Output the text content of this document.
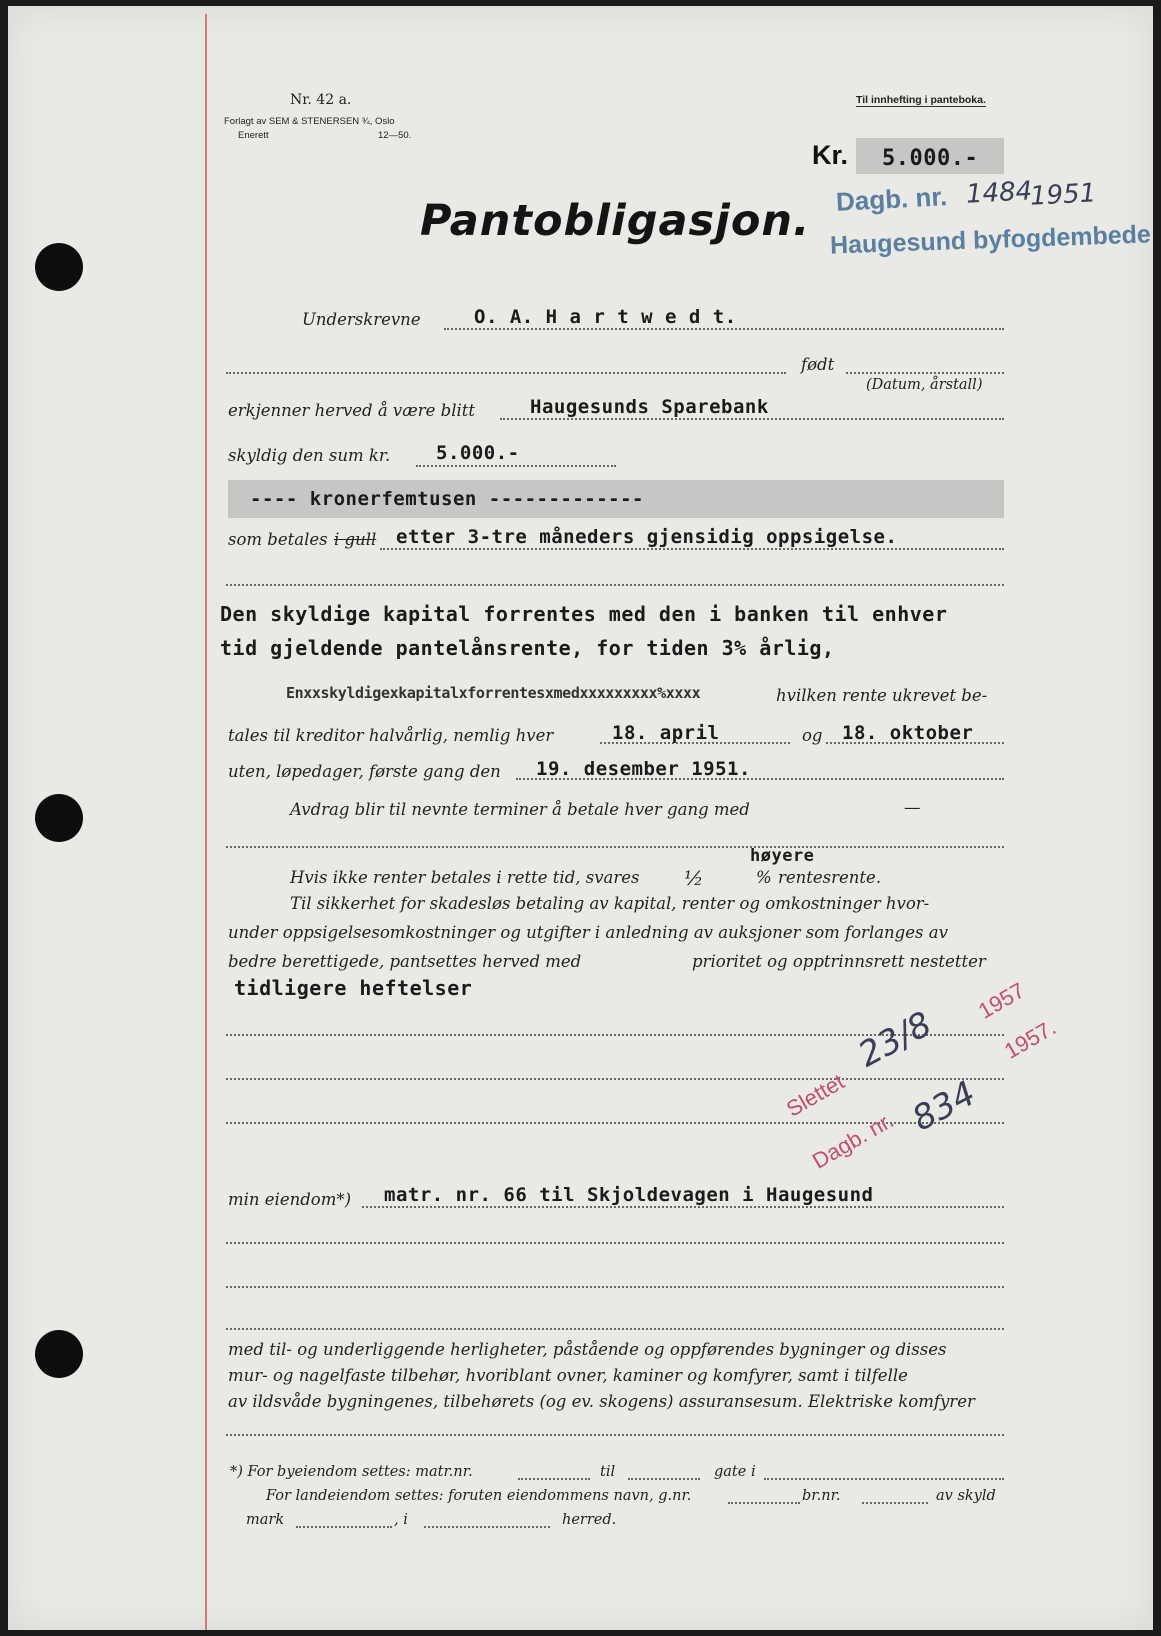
Nr. 42 a.
Forlagt av SEM & STENERSEN ¾, Oslo
Enerett	12—50.
Til innhefting i panteboka.
Kr. 5.000.-
Pantobligasjon. Dagb. nr. 1484
1951
Haugesund byfogdembede
Underskrevne	O. A. H a r t w e d t.
født
(Datum, årstall)
erkjenner herved å være blitt	Haugesunds Sparebank
skyldig den sum kr. 5.000.-
---- kronerfemtusen -------------
som betales i gull etter 3-tre måneders gjensidig oppsigelse.
Den skyldige kapital forrentes med den i banken til enhver
tid gjeldende pantelånsrente, for tiden 3% årlig,
Enxxskyldigexkapitalxforrentesxmedxxxxxxxxx%xxxx	hvilken rente ukrevet be-
tales til kreditor halvårlig, nemlig hver	18. april	og 18. oktober
uten, løpedager, første gang den 19. desember 1951.
Avdrag blir til nevnte terminer å betale hver gang med	—
Hvis ikke renter betales i rette tid, svares ½
høyere
% rentesrente.
Til sikkerhet for skadesløs betaling av kapital, renter og omkostninger hvor-
under oppsigelsesomkostninger og utgifter i anledning av auksjoner som forlanges av
bedre berettigede, pantsettes herved med	prioritet og opptrinnsrett nestetter
tidligere heftelser
Slettet
23/8
1957
Dagb. nr.
834
1957.
min eiendom*) matr. nr. 66 til Skjoldevagen i Haugesund
med til- og underliggende herligheter, påstående og oppførendes bygninger og disses
mur- og nagelfaste tilbehør, hvoriblant ovner, kaminer og komfyrer, samt i tilfelle
av ildsvåde bygningenes, tilbehørets (og ev. skogens) assuransesum. Elektriske komfyrer
*) For byeiendom settes: matr.nr.	til	gate i
For landeiendom settes: foruten eiendommens navn, g.nr.	br.nr.	av skyld
mark	, i	herred.
